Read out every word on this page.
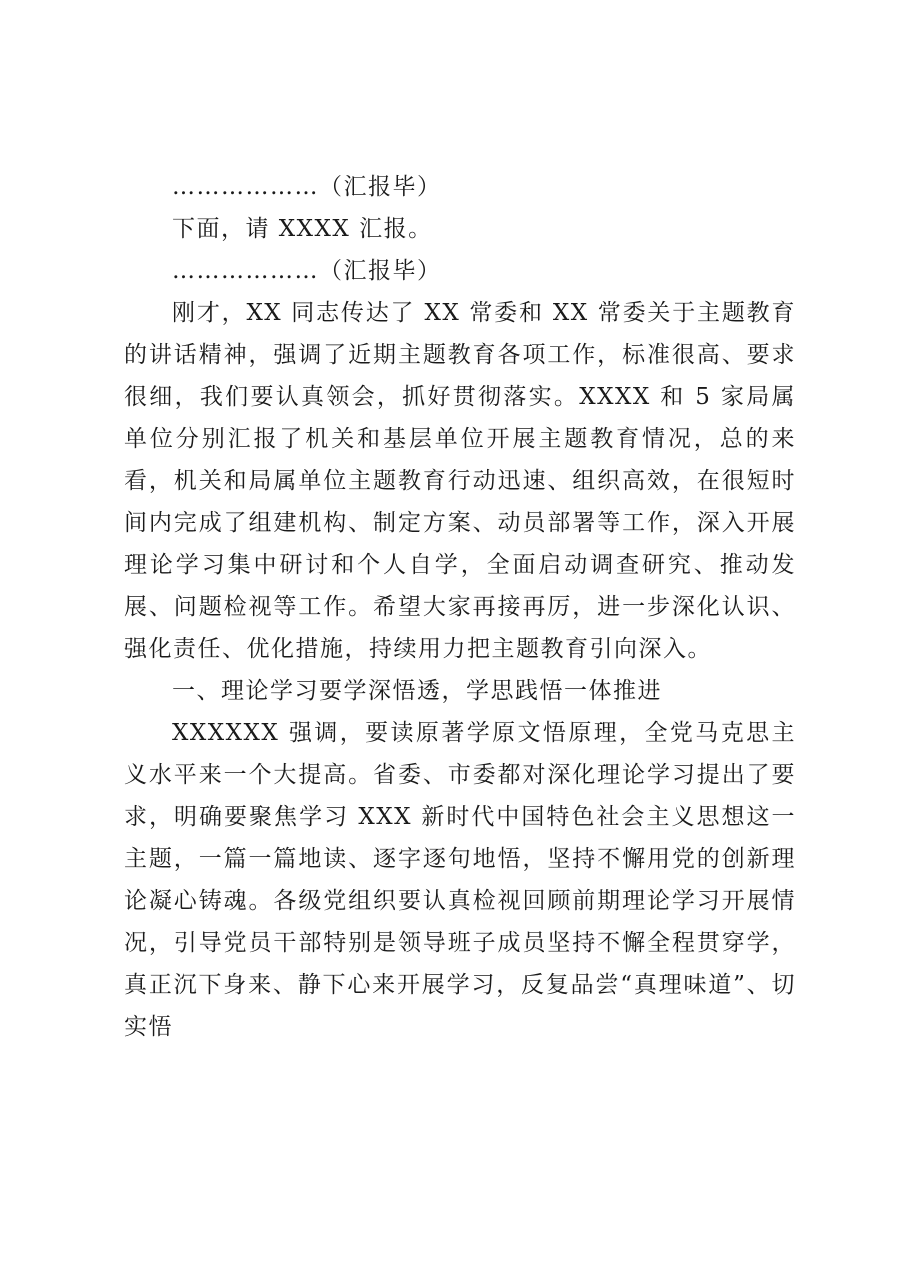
………………（汇报毕）

下面，请 XXXX 汇报。

………………（汇报毕）

刚才，XX 同志传达了 XX 常委和 XX 常委关于主题教育的讲话精神，强调了近期主题教育各项工作，标准很高、要求很细，我们要认真领会，抓好贯彻落实。XXXX 和 5 家局属单位分别汇报了机关和基层单位开展主题教育情况，总的来看，机关和局属单位主题教育行动迅速、组织高效，在很短时间内完成了组建机构、制定方案、动员部署等工作，深入开展理论学习集中研讨和个人自学，全面启动调查研究、推动发展、问题检视等工作。希望大家再接再厉，进一步深化认识、强化责任、优化措施，持续用力把主题教育引向深入。

一、理论学习要学深悟透，学思践悟一体推进

XXXXXX 强调，要读原著学原文悟原理，全党马克思主义水平来一个大提高。省委、市委都对深化理论学习提出了要求，明确要聚焦学习 XXX 新时代中国特色社会主义思想这一主题，一篇一篇地读、逐字逐句地悟，坚持不懈用党的创新理论凝心铸魂。各级党组织要认真检视回顾前期理论学习开展情况，引导党员干部特别是领导班子成员坚持不懈全程贯穿学，真正沉下身来、静下心来开展学习，反复品尝“真理味道”、切实悟
